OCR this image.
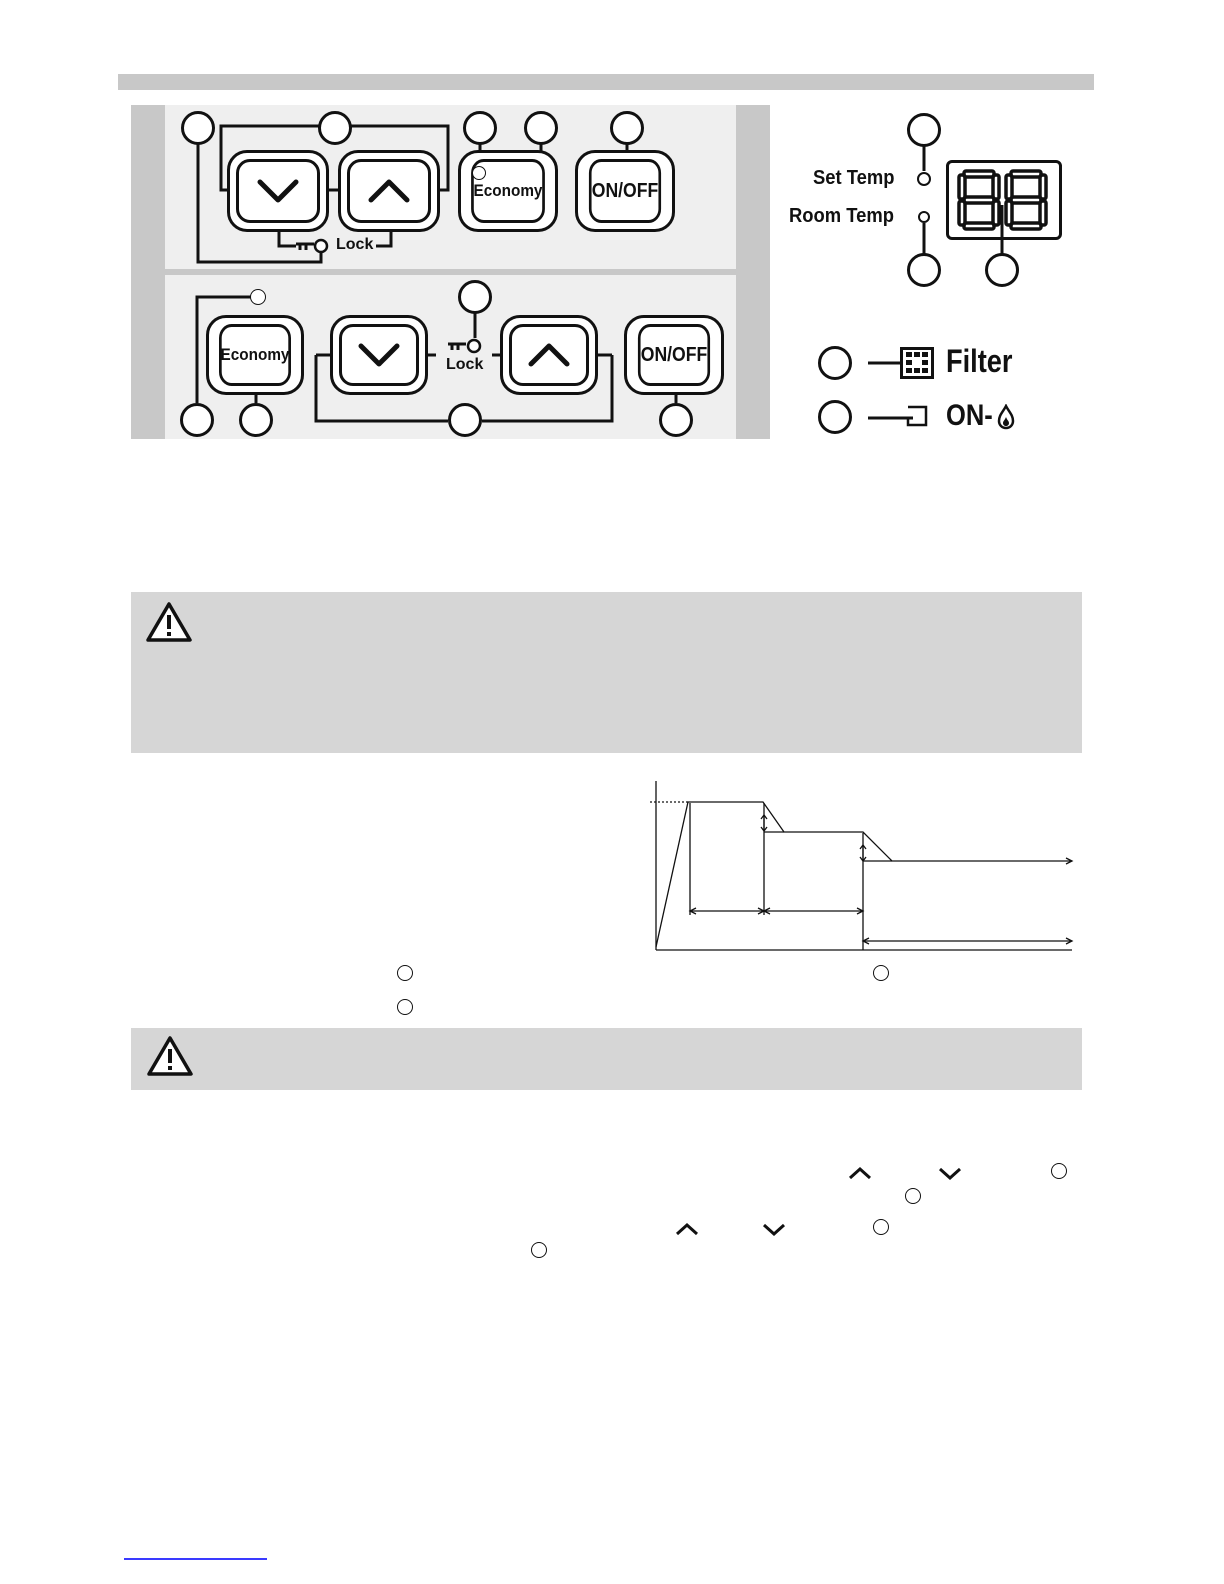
Economy ON/OFF
Lock
Economy	ON/OFF
Lock
Set Temp
Room Temp
Filter
ON-
